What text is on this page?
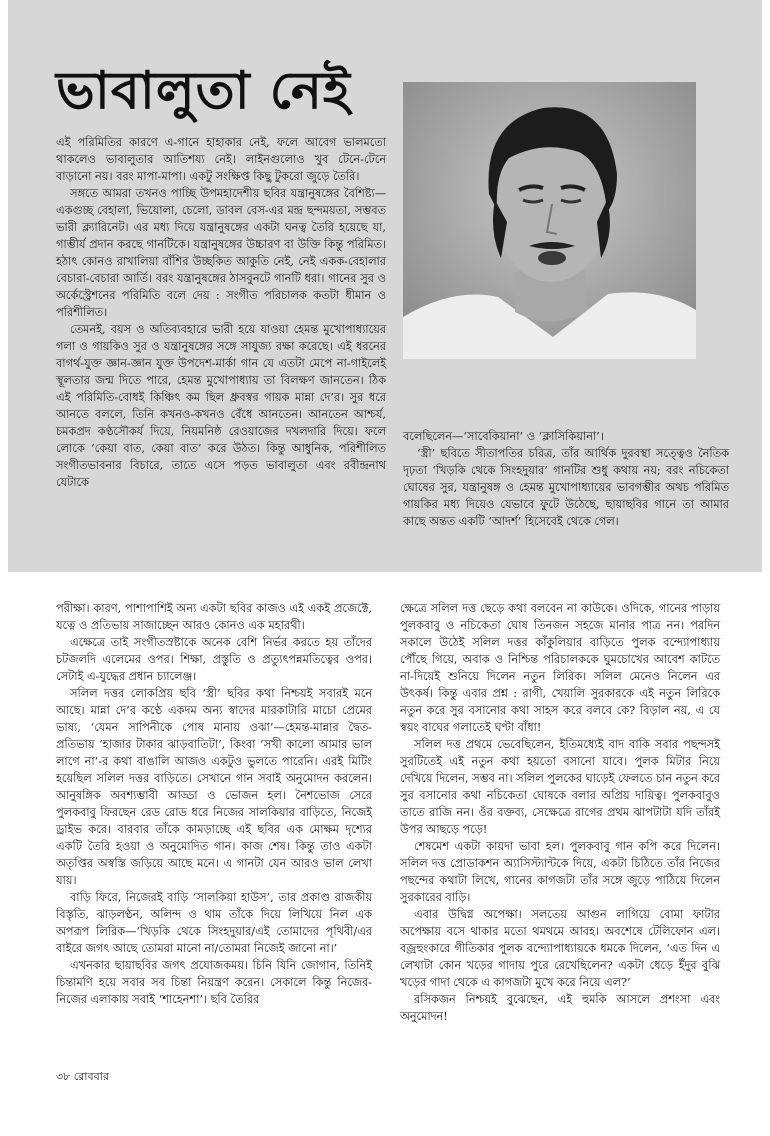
ভাবালুতা নেই

এই পরিমিতির কারণে এ-গানে হাহাকার নেই, ফলে আবেগ ভালমতো থাকলেও ভাবালুতার আতিশয্য নেই। লাইনগুলোও খুব টেনে-টেনে বাড়ানো নয়। বরং মাপা-মাপা। একটু সংক্ষিপ্ত কিছু টুকরো জুড়ে তৈরি।

সঙ্গতে আমরা তখনও পাচ্ছি উপমহাদেশীয় ছবির যন্ত্রানুষঙ্গের বৈশিষ্ট্য—একগুচ্ছ বেহালা, ভিয়োলা, চেলো, ডাবল বেস-এর মন্দ্র ছন্দময়তা, সম্ভবত ভারী ক্ল্যারিনেট। এর মধ্য দিয়ে যন্ত্রানুষঙ্গের একটা ঘনত্ব তৈরি হয়েছে যা, গাম্ভীর্য প্রদান করছে গানটিকে। যন্ত্রানুষঙ্গের উচ্চারণ বা উক্তি কিন্তু পরিমিত। হঠাৎ কোনও রাখালিয়া বাঁশির উচ্ছকিত আকুতি নেই, নেই একক-বেহালার বেচারা-বেচারা আর্তি। বরং যন্ত্রানুষঙ্গের ঠাসবুনটে গানটি ধরা। গানের সুর ও অর্কেস্ট্রেশনের পরিমিতি বলে দেয় : সংগীত পরিচালক কতটা ধীমান ও পরিশীলিত।

তেমনই, বয়স ও অতিব্যবহারে ভারী হয়ে যাওয়া হেমন্ত মুখোপাধ্যায়ের গলা ও গায়কিও সুর ও যন্ত্রানুষঙ্গের সঙ্গে সাযুজ্য রক্ষা করেছে। এই ধরনের বাগর্থ-যুক্ত জ্ঞান-জ্ঞান যুক্ত উপদেশ-মার্কা গান যে এতটা মেপে না-গাইলেই স্থূলতার জন্ম দিতে পারে, হেমন্ত মুখোপাধ্যায় তা বিলক্ষণ জানতেন। ঠিক এই পরিমিতি-বোধই কিঞ্চিৎ কম ছিল ধ্রুবস্বর গায়ক মান্না দে’র। সুর ধরে আনতে বললে, তিনি কখনও-কখনও বেঁধে আনতেন। আনতেন আশ্চর্য, চমকপ্রদ কণ্ঠসৌকর্য দিয়ে, নিয়মনিষ্ঠ রেওয়াজের দখলদারি দিয়ে। ফলে লোকে ‘কেয়া বাত, কেয়া বাত’ করে উঠত। কিন্তু আধুনিক, পরিশীলিত সংগীতভাবনার বিচারে, তাতে এসে পড়ত ভাবালুতা এবং রবীন্দ্রনাথ যেটাকে

বলেছিলেন—‘সাবেকিয়ানা’ ও ‘ক্লাসিকিয়ানা’।

‘স্ত্রী’ ছবিতে সীতাপতির চরিত্র, তাঁর আর্থিক দুরবস্থা সত্ত্বেও নৈতিক দৃঢ়তা ‘খিড়কি থেকে সিংহদুয়ার’ গানটির শুধু কথায় নয়; বরং নচিকেতা ঘোষের সুর, যন্ত্রানুষঙ্গ ও হেমন্ত মুখোপাধ্যায়ের ভাবগম্ভীর অথচ পরিমিত গায়কির মধ্য দিয়েও যেভাবে ফুটে উঠেছে, ছায়াছবির গানে তা আমার কাছে অন্তত একটি ‘আদর্শ’ হিসেবেই থেকে গেল।

পরীক্ষা। কারণ, পাশাপাশিই অন্য একটা ছবির কাজও এই একই প্রজেক্টে, যত্নে ও প্রতিভায় সাজাচ্ছেন আরও কোনও এক মহারথী।

এক্ষেত্রে তাই সংগীতস্রষ্টাকে অনেক বেশি নির্ভর করতে হয় তাঁদের চটজলদি এলেমের ওপর। শিক্ষা, প্রস্তুতি ও প্রত্যুৎপন্নমতিত্বের ওপর। সেটাই এ-যুদ্ধের প্রধান চ্যালেঞ্জ।

সলিল দত্তর লোকপ্রিয় ছবি ‘স্ত্রী’ ছবির কথা নিশ্চয়ই সবারই মনে আছে। মান্না দে’র কণ্ঠে একদম অন্য স্বাদের মারকাটারি মাচো প্রেমের ভাষ্য, ‘যেমন সাপিনীকে পোষ মানায় ওঝা’—হেমন্ত-মান্নার দ্বৈত-প্রতিভায় ‘হাজার টাকার ঝাড়বাতিটা’, কিংবা ‘সখী কালো আমার ভাল লাগে না’-র কথা বাঙালি আজও একটুও ভুলতে পারেনি। এরই মিটিং হয়েছিল সলিল দত্তর বাড়িতে। সেখানে গান সবাই অনুমোদন করলেন। আনুষঙ্গিক অবশ্যম্ভাবী আড্ডা ও ভোজন হল। নৈশভোজ সেরে পুলকবাবু ফিরছেন রেড রোড ধরে নিজের সালকিয়ার বাড়িতে, নিজেই ড্রাইভ করে। বারবার তাঁকে কামড়াচ্ছে এই ছবির এক মোক্ষম দৃশ্যের একটি তৈরি হওয়া ও অনুমোদিত গান। কাজ শেষ। কিন্তু তাও একটা অতৃপ্তির অস্বস্তি জড়িয়ে আছে মনে। এ গানটা যেন আরও ভাল লেখা যায়।

বাড়ি ফিরে, নিজেরই বাড়ি ‘সালকিয়া হাউস’, তার প্রকাণ্ড রাজকীয় বিস্তৃতি, ঝাড়লণ্ঠন, অলিন্দ ও থাম তাঁকে দিয়ে লিখিয়ে নিল এক অপরূপ লিরিক—‘খিড়কি থেকে সিংহদুয়ার/এই তোমাদের পৃথিবী/এর বাইরে জগৎ আছে তোমরা মানো না/তোমরা নিজেই জানো না।’

এখনকার ছায়াছবির জগৎ প্রযোজকময়। চিনি যিনি জোগান, তিনিই চিন্তামণি হয়ে সবার সব চিন্তা নিয়ন্ত্রণ করেন। সেকালে কিন্তু নিজের-নিজের এলাকায় সবাই ‘শাহেনশা’। ছবি তৈরির

ক্ষেত্রে সলিল দত্ত ছেড়ে কথা বলবেন না কাউকে। ওদিকে, গানের পাড়ায় পুলকবাবু ও নচিকেতা ঘোষ তিনজন সহজে মানার পাত্র নন। পরদিন সকালে উঠেই সলিল দত্তর কাঁকুলিয়ার বাড়িতে পুলক বন্দ্যোপাধ্যায় পৌঁছে গিয়ে, অবাক ও নিশ্চিন্ত পরিচালককে ঘুমচোখের আবেশ কাটতে না-দিয়েই শুনিয়ে দিলেন নতুন লিরিক। সলিল মেনেও নিলেন এর উৎকর্ষ। কিন্তু এবার প্রশ্ন : রাগী, খেয়ালি সুরকারকে এই নতুন লিরিকে নতুন করে সুর বসানোর কথা সাহস করে বলবে কে? বিড়াল নয়, এ যে স্বয়ং বাঘের গলাতেই ঘণ্টা বাঁধা!

সলিল দত্ত প্রথমে ভেবেছিলেন, ইতিমধ্যেই বাদ বাকি সবার পছন্দসই সুরটিতেই এই নতুন কথা হয়তো বসানো যাবে। পুলক মিটার নিয়ে দেখিয়ে দিলেন, সম্ভব না। সলিল পুলকের ঘাড়েই ফেলতে চান নতুন করে সুর বসানোর কথা নচিকেতা ঘোষকে বলার অপ্রিয় দায়িত্ব। পুলকবাবুও তাতে রাজি নন। ওঁর বক্তব্য, সেক্ষেত্রে রাগের প্রথম ঝাপটাটা যদি তাঁরই উপর আছড়ে পড়ে!

শেষমেশ একটা কায়দা ভাবা হল। পুলকবাবু গান কপি করে দিলেন। সলিল দত্ত প্রোডাকশন অ্যাসিস্ট্যান্টকে দিয়ে, একটা চিঠিতে তাঁর নিজের পছন্দের কথাটা লিখে, গানের কাগজটা তাঁর সঙ্গে জুড়ে পাঠিয়ে দিলেন সুরকারের বাড়ি।

এবার উদ্বিগ্ন অপেক্ষা। সলতেয় আগুন লাগিয়ে বোমা ফাটার অপেক্ষায় বসে থাকার মতো থমথমে আবহ। অবশেষে টেলিফোন এল। বজ্রহুংকারে গীতিকার পুলক বন্দ্যোপাধ্যায়কে ধমকে দিলেন, ‘এত দিন এ লেখাটা কোন খড়ের গাদায় পুরে রেখেছিলেন? একটা ধেড়ে ইঁদুর বুঝি খড়ের গাদা থেকে এ কাগজটা মুখে করে নিয়ে এল?’

রসিকজন নিশ্চয়ই বুঝেছেন, এই হুমকি আসলে প্রশংসা এবং অনুমোদন!

৩৮ রোববার
